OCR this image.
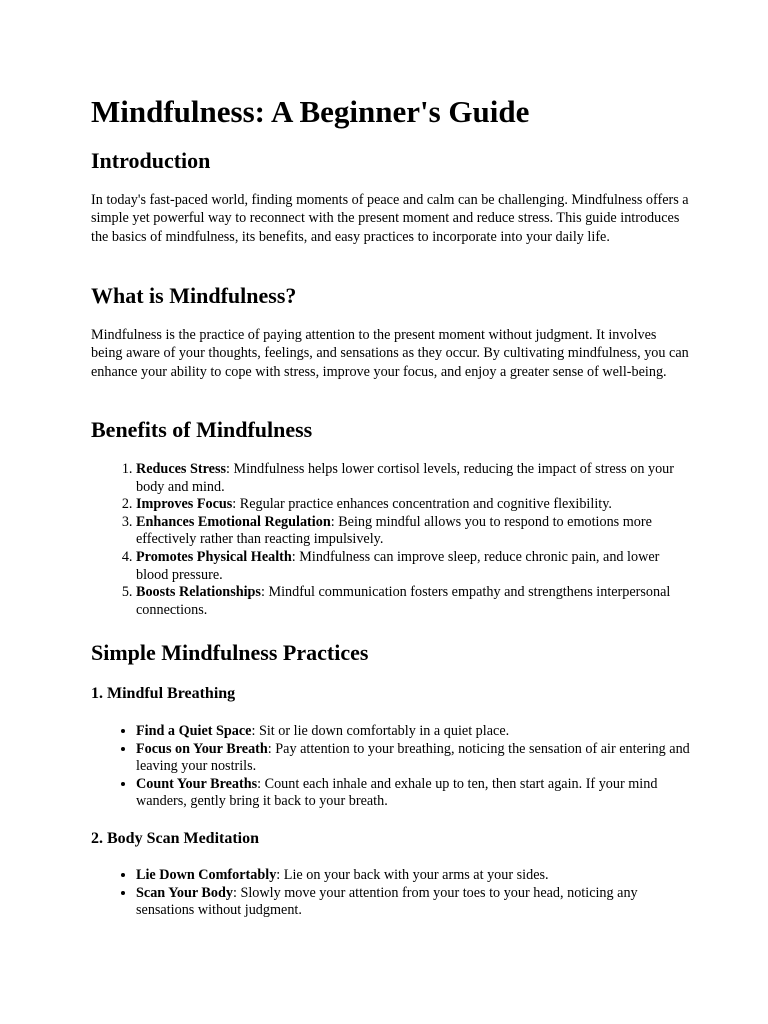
Mindfulness: A Beginner's Guide
Introduction

In today's fast-paced world, finding moments of peace and calm can be challenging. Mindfulness offers a simple yet powerful way to reconnect with the present moment and reduce stress. This guide introduces the basics of mindfulness, its benefits, and easy practices to incorporate into your daily life.

What is Mindfulness?

Mindfulness is the practice of paying attention to the present moment without judgment. It involves being aware of your thoughts, feelings, and sensations as they occur. By cultivating mindfulness, you can enhance your ability to cope with stress, improve your focus, and enjoy a greater sense of well-being.

Benefits of Mindfulness
1. Reduces Stress: Mindfulness helps lower cortisol levels, reducing the impact of stress on your body and mind.
2. Improves Focus: Regular practice enhances concentration and cognitive flexibility.
3. Enhances Emotional Regulation: Being mindful allows you to respond to emotions more effectively rather than reacting impulsively.
4. Promotes Physical Health: Mindfulness can improve sleep, reduce chronic pain, and lower blood pressure.
5. Boosts Relationships: Mindful communication fosters empathy and strengthens interpersonal connections.
Simple Mindfulness Practices
1. Mindful Breathing
• Find a Quiet Space: Sit or lie down comfortably in a quiet place.
• Focus on Your Breath: Pay attention to your breathing, noticing the sensation of air entering and leaving your nostrils.
• Count Your Breaths: Count each inhale and exhale up to ten, then start again. If your mind wanders, gently bring it back to your breath.
2. Body Scan Meditation
• Lie Down Comfortably: Lie on your back with your arms at your sides.
• Scan Your Body: Slowly move your attention from your toes to your head, noticing any sensations without judgment.
